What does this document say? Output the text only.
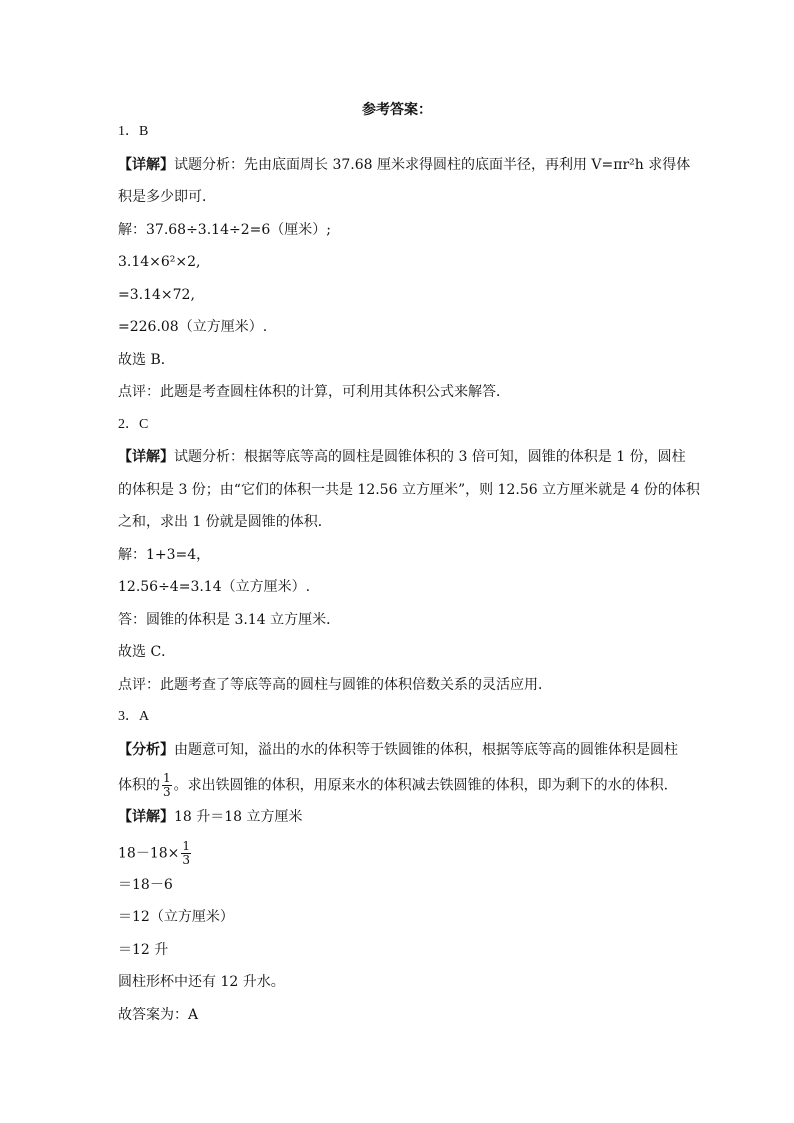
参考答案：
1．B
【详解】试题分析：先由底面周长 37.68 厘米求得圆柱的底面半径，再利用 V=πr²h 求得体
积是多少即可．
解：37.68÷3.14÷2=6（厘米）;
3.14×6²×2,
=3.14×72,
=226.08（立方厘米）.
故选 B．
点评：此题是考查圆柱体积的计算，可利用其体积公式来解答．
2．C
【详解】试题分析：根据等底等高的圆柱是圆锥体积的 3 倍可知，圆锥的体积是 1 份，圆柱
的体积是 3 份；由“它们的体积一共是 12.56 立方厘米”，则 12.56 立方厘米就是 4 份的体积
之和，求出 1 份就是圆锥的体积．
解：1+3=4，
12.56÷4=3.14（立方厘米）.
答：圆锥的体积是 3.14 立方厘米．
故选 C．
点评：此题考查了等底等高的圆柱与圆锥的体积倍数关系的灵活应用．
3．A
【分析】由题意可知，溢出的水的体积等于铁圆锥的体积，根据等底等高的圆锥体积是圆柱
体积的 $\frac{1}{3}$ 。求出铁圆锥的体积，用原来水的体积减去铁圆锥的体积，即为剩下的水的体积.
【详解】18 升＝18 立方厘米
$18-18\times \frac{1}{3}$
＝18－6
＝12（立方厘米）
＝12 升
圆柱形杯中还有 12 升水。
故答案为：A
